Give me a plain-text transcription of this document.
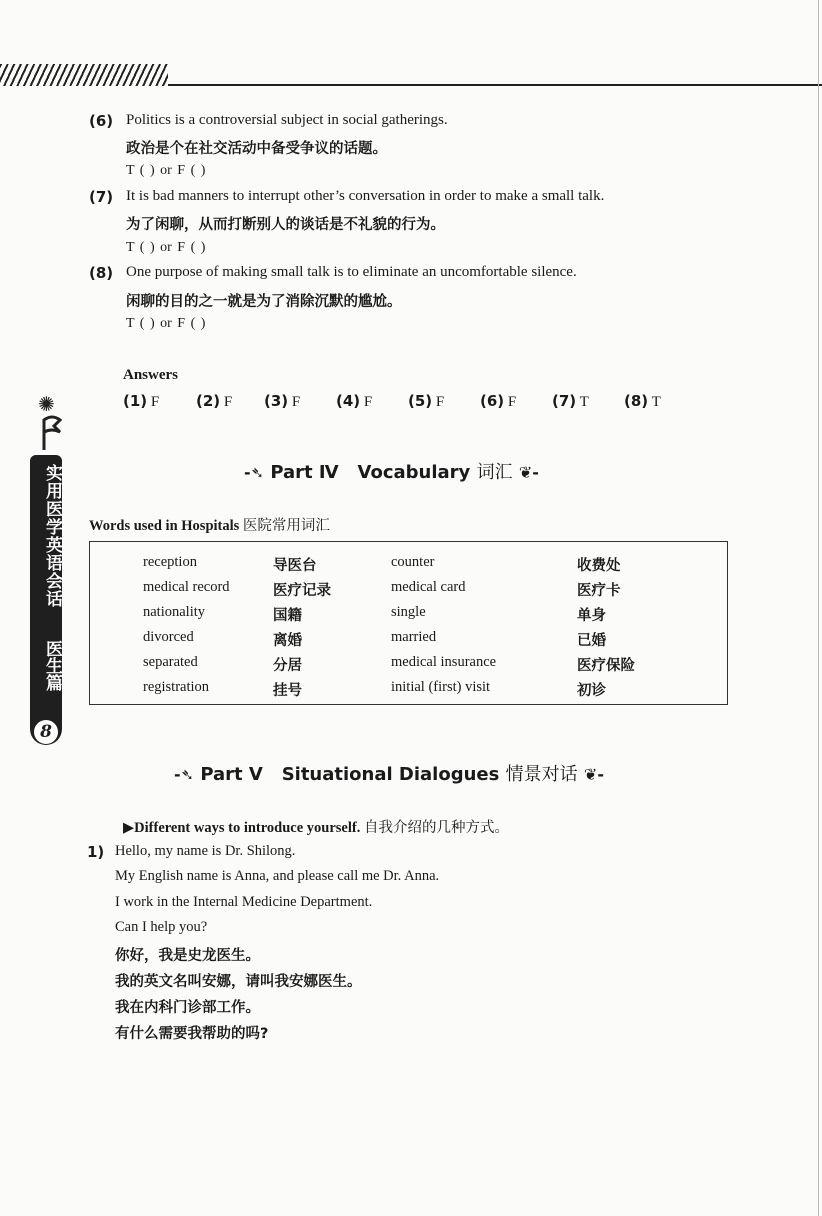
(6) Politics is a controversial subject in social gatherings.
政治是个在社交活动中备受争议的话题。
T ( ) or F ( )
(7) It is bad manners to interrupt other’s conversation in order to make a small talk.
为了闲聊，从而打断别人的谈话是不礼貌的行为。
T ( ) or F ( )
(8) One purpose of making small talk is to eliminate an uncomfortable silence.
闲聊的目的之一就是为了消除沉默的尴尬。
T ( ) or F ( )
Answers
(1) F (2) F (3) F (4) F (5) F (6) F (7) T (8) T
-➴ Part Ⅳ Vocabulary 词汇 ❦-
Words used in Hospitals 医院常用词汇
reception	导医台	counter	收费处
medical record	医疗记录	medical card	医疗卡
nationality	国籍	single	单身
divorced	离婚	married	已婚
separated	分居	medical insurance	医疗保险
registration	挂号	initial (first) visit	初诊
-➴ Part Ⅴ Situational Dialogues 情景对话 ❦-
▶Different ways to introduce yourself. 自我介绍的几种方式。
1) Hello, my name is Dr. Shilong.
My English name is Anna, and please call me Dr. Anna.
I work in the Internal Medicine Department.
Can I help you?
你好，我是史龙医生。
我的英文名叫安娜，请叫我安娜医生。
我在内科门诊部工作。
有什么需要我帮助的吗?
✺
实用医学英语会话
医生篇
8
